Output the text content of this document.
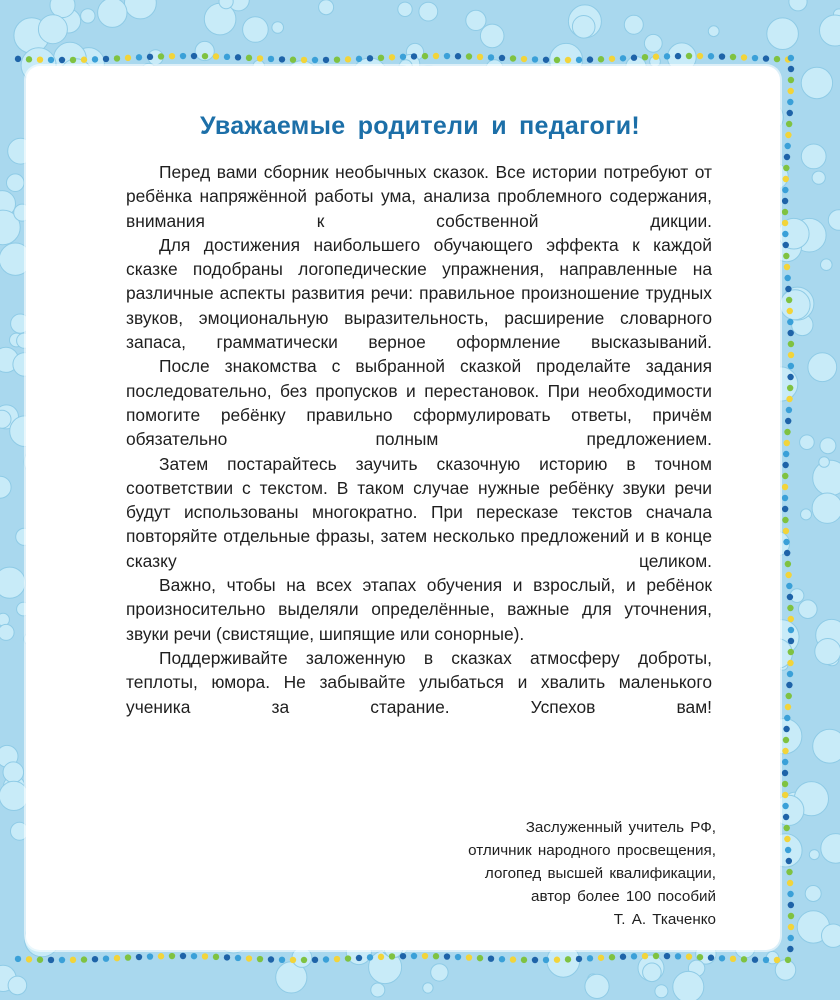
Уважаемые родители и педагоги!

Перед вами сборник необычных сказок. Все истории потребуют от ребёнка напряжённой работы ума, анализа проблемного содержания, внимания к собственной дикции.

Для достижения наибольшего обучающего эффекта к каждой сказке подобраны логопедические упражнения, направленные на различные аспекты развития речи: правильное произношение трудных звуков, эмоциональную выразительность, расширение словарного запаса, грамматически верное оформление высказываний.

После знакомства с выбранной сказкой проделайте задания последовательно, без пропусков и перестановок. При необходимости помогите ребёнку правильно сформулировать ответы, причём обязательно полным предложением.

Затем постарайтесь заучить сказочную историю в точном соответствии с текстом. В таком случае нужные ребёнку звуки речи будут использованы многократно. При пересказе текстов сначала повторяйте отдельные фразы, затем несколько предложений и в конце сказку целиком.

Важно, чтобы на всех этапах обучения и взрослый, и ребёнок произносительно выделяли определённые, важные для уточнения, звуки речи (свистящие, шипящие или сонорные).

Поддерживайте заложенную в сказках атмосферу доброты, теплоты, юмора. Не забывайте улыбаться и хвалить маленького ученика за старание. Успехов вам!

Заслуженный учитель РФ,
отличник народного просвещения,
логопед высшей квалификации,
автор более 100 пособий
Т. А. Ткаченко
